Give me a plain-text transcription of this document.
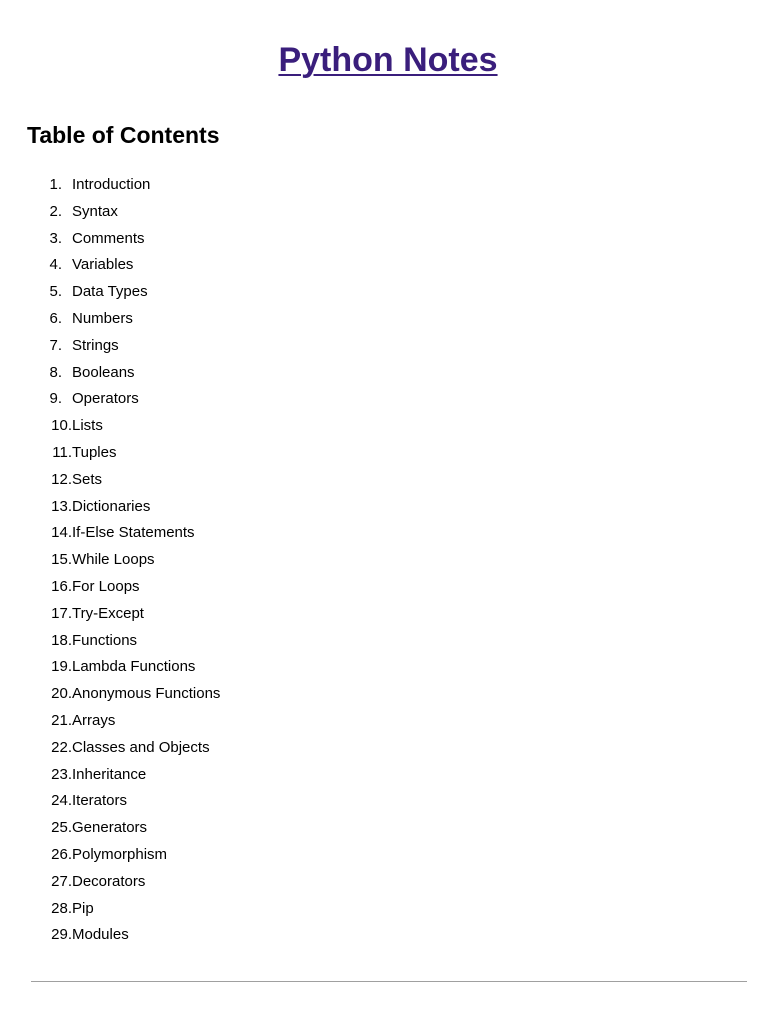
Python Notes
Table of Contents
1. Introduction
2. Syntax
3. Comments
4. Variables
5. Data Types
6. Numbers
7. Strings
8. Booleans
9. Operators
10. Lists
11. Tuples
12. Sets
13. Dictionaries
14. If-Else Statements
15. While Loops
16. For Loops
17. Try-Except
18. Functions
19. Lambda Functions
20. Anonymous Functions
21. Arrays
22. Classes and Objects
23. Inheritance
24. Iterators
25. Generators
26. Polymorphism
27. Decorators
28. Pip
29. Modules
